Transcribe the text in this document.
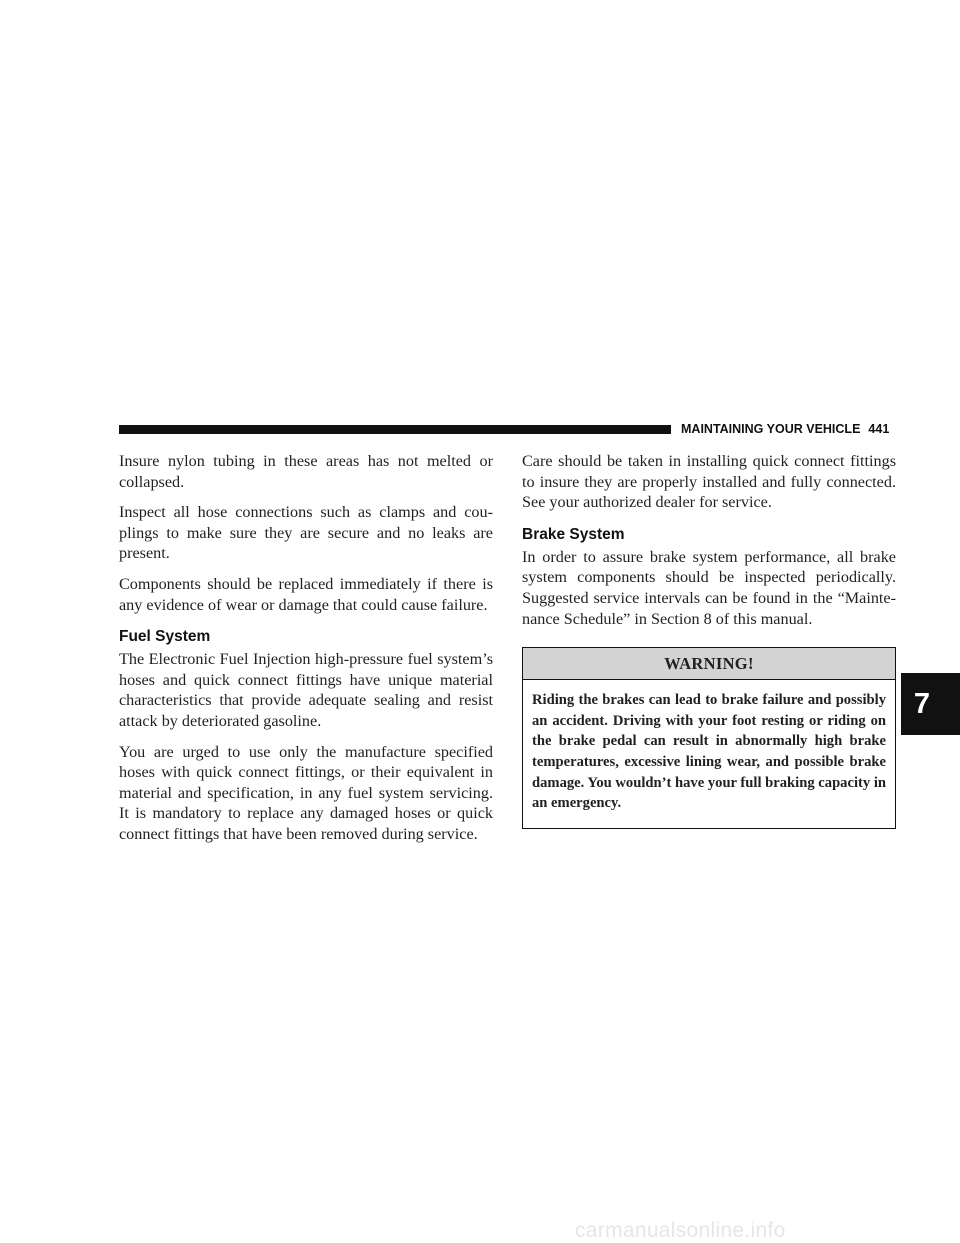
MAINTAINING YOUR VEHICLE 441

Insure nylon tubing in these areas has not melted or collapsed.

Inspect all hose connections such as clamps and cou-plings to make sure they are secure and no leaks are present.

Components should be replaced immediately if there is any evidence of wear or damage that could cause failure.

Fuel System

The Electronic Fuel Injection high-pressure fuel system’s hoses and quick connect fittings have unique material characteristics that provide adequate sealing and resist attack by deteriorated gasoline.

You are urged to use only the manufacture specified hoses with quick connect fittings, or their equivalent in material and specification, in any fuel system servicing. It is mandatory to replace any damaged hoses or quick connect fittings that have been removed during service.

Care should be taken in installing quick connect fittings to insure they are properly installed and fully connected. See your authorized dealer for service.

Brake System

In order to assure brake system performance, all brake system components should be inspected periodically. Suggested service intervals can be found in the “Mainte-nance Schedule” in Section 8 of this manual.

WARNING!
Riding the brakes can lead to brake failure and possibly an accident. Driving with your foot resting or riding on the brake pedal can result in abnormally high brake temperatures, excessive lining wear, and possible brake damage. You wouldn’t have your full braking capacity in an emergency.
7
carmanualsonline.info
